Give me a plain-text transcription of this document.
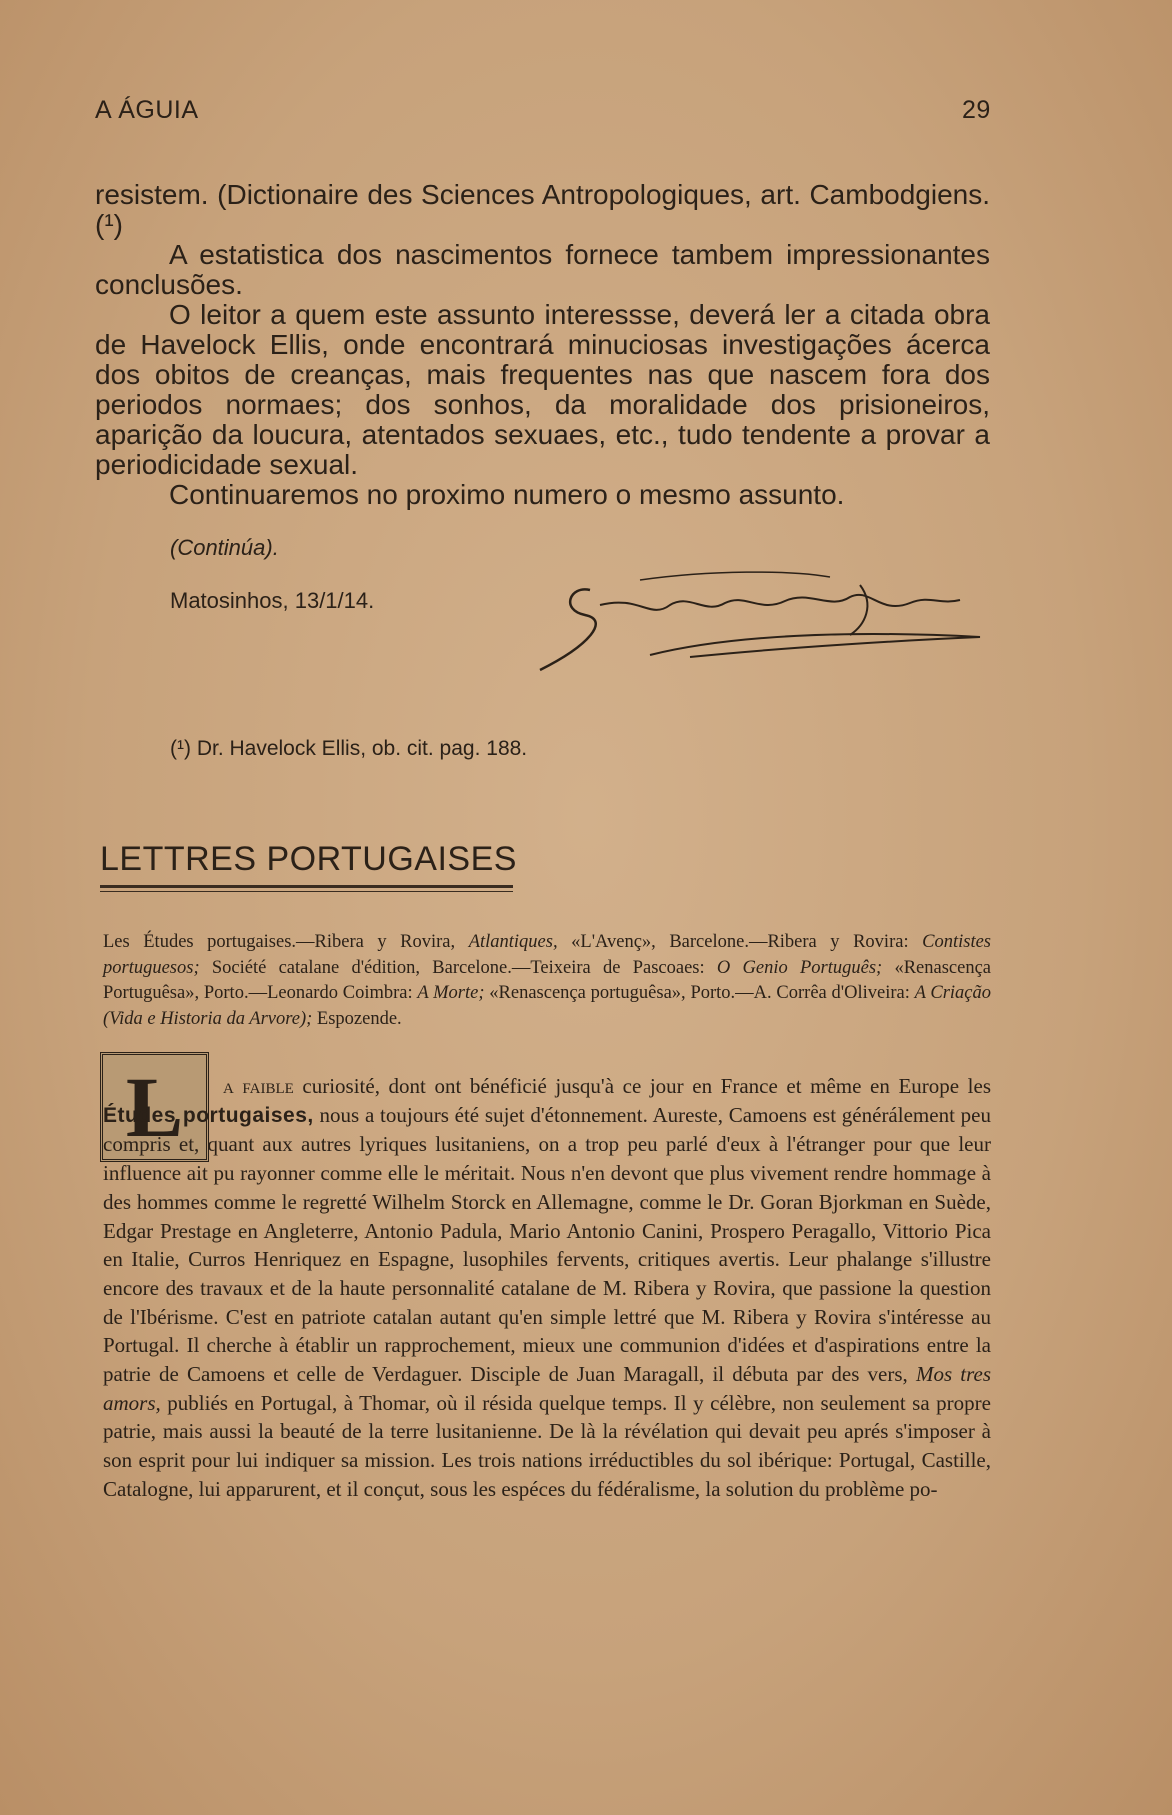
A ÁGUIA	29

resistem. (Dictionaire des Sciences Antropologiques, art. Cambodgiens. (¹)

A estatistica dos nascimentos fornece tambem impressionantes conclusões.

O leitor a quem este assunto interessse, deverá ler a citada obra de Havelock Ellis, onde encontrará minuciosas investigações ácerca dos obitos de creanças, mais frequentes nas que nascem fora dos periodos normaes; dos sonhos, da moralidade dos prisioneiros, aparição da loucura, atentados sexuaes, etc., tudo tendente a provar a periodicidade sexual.

Continuaremos no proximo numero o mesmo assunto.

(Continúa).
Matosinhos, 13/1/14.
(¹) Dr. Havelock Ellis, ob. cit. pag. 188.
LETTRES PORTUGAISES
Les Études portugaises.—Ribera y Rovira, Atlantiques, «L'Avenç», Barcelone.—Ribera y Rovira: Contistes portuguesos; Société catalane d'édition, Barcelone.—Teixeira de Pascoaes: O Genio Português; «Renascença Portuguêsa», Porto.—Leonardo Coimbra: A Morte; «Renascença portuguêsa», Porto.—A. Corrêa d'Oliveira: A Criação (Vida e Historia da Arvore); Espozende.
L	a faible curiosité, dont ont bénéficié jusqu'à ce jour en France et même en Europe les Études portugaises, nous a toujours été sujet d'étonnement. Aureste, Camoens est générálement peu compris et, quant aux autres lyriques lusitaniens, on a trop peu parlé d'eux à l'étranger pour que leur influence ait pu rayonner comme elle le méritait. Nous n'en devont que plus vivement rendre hommage à des hommes comme le regretté Wilhelm Storck en Allemagne, comme le Dr. Goran Bjorkman en Suède, Edgar Prestage en Angleterre, Antonio Padula, Mario Antonio Canini, Prospero Peragallo, Vittorio Pica en Italie, Curros Henriquez en Espagne, lusophiles fervents, critiques avertis. Leur phalange s'illustre encore des travaux et de la haute personnalité catalane de M. Ribera y Rovira, que passione la question de l'Ibérisme. C'est en patriote catalan autant qu'en simple lettré que M. Ribera y Rovira s'intéresse au Portugal. Il cherche à établir un rapprochement, mieux une communion d'idées et d'aspirations entre la patrie de Camoens et celle de Verdaguer. Disciple de Juan Maragall, il débuta par des vers, Mos tres amors, publiés en Portugal, à Thomar, où il résida quelque temps. Il y célèbre, non seulement sa propre patrie, mais aussi la beauté de la terre lusitanienne. De là la révélation qui devait peu aprés s'imposer à son esprit pour lui indiquer sa mission. Les trois nations irréductibles du sol ibérique: Portugal, Castille, Catalogne, lui apparurent, et il conçut, sous les espéces du fédéralisme, la solution du problème po-
